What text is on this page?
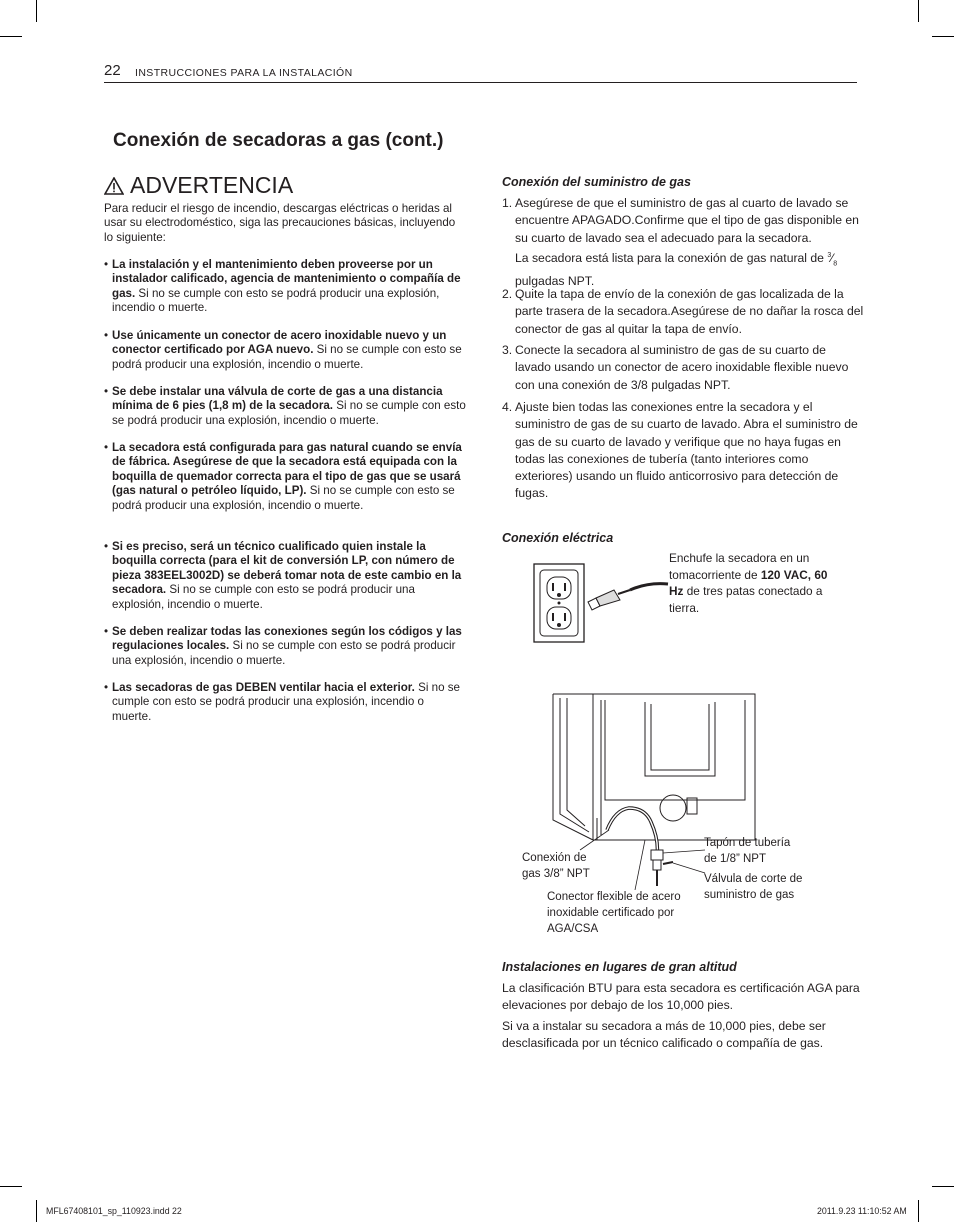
22 INSTRUCCIONES PARA LA INSTALACIÓN
Conexión de secadoras a gas (cont.)
ADVERTENCIA
Para reducir el riesgo de incendio, descargas eléctricas o heridas al usar su electrodoméstico, siga las precauciones básicas, incluyendo lo siguiente:
• La instalación y el mantenimiento deben proveerse por un instalador calificado, agencia de mantenimiento o compañía de gas. Si no se cumple con esto se podrá producir una explosión, incendio o muerte.
• Use únicamente un conector de acero inoxidable nuevo y un conector certificado por AGA nuevo. Si no se cumple con esto se podrá producir una explosión, incendio o muerte.
• Se debe instalar una válvula de corte de gas a una distancia mínima de 6 pies (1,8 m) de la secadora. Si no se cumple con esto se podrá producir una explosión, incendio o muerte.
• La secadora está configurada para gas natural cuando se envía de fábrica. Asegúrese de que la secadora está equipada con la boquilla de quemador correcta para el tipo de gas que se usará (gas natural o petróleo líquido, LP). Si no se cumple con esto se podrá producir una explosión, incendio o muerte.
• Si es preciso, será un técnico cualificado quien instale la boquilla correcta (para el kit de conversión LP, con número de pieza 383EEL3002D) se deberá tomar nota de este cambio en la secadora. Si no se cumple con esto se podrá producir una explosión, incendio o muerte.
• Se deben realizar todas las conexiones según los códigos y las regulaciones locales. Si no se cumple con esto se podrá producir una explosión, incendio o muerte.
• Las secadoras de gas DEBEN ventilar hacia el exterior. Si no se cumple con esto se podrá producir una explosión, incendio o muerte.
Conexión del suministro de gas
1. Asegúrese de que el suministro de gas al cuarto de lavado se encuentre APAGADO.Confirme que el tipo de gas disponible en su cuarto de lavado sea el adecuado para la secadora.
La secadora está lista para la conexión de gas natural de $^3⁄_8$ pulgadas NPT.
2. Quite la tapa de envío de la conexión de gas localizada de la parte trasera de la secadora.Asegúrese de no dañar la rosca del conector de gas al quitar la tapa de envío.
3. Conecte la secadora al suministro de gas de su cuarto de lavado usando un conector de acero inoxidable flexible nuevo con una conexión de 3/8 pulgadas NPT.
4. Ajuste bien todas las conexiones entre la secadora y el suministro de gas de su cuarto de lavado. Abra el suministro de gas de su cuarto de lavado y verifique que no haya fugas en todas las conexiones de tubería (tanto interiores como exteriores) usando un fluido anticorrosivo para detección de fugas.
Conexión eléctrica
Enchufe la secadora en un tomacorriente de 120 VAC, 60 Hz de tres patas conectado a tierra.
Conexión de gas 3/8” NPT
Tapón de tubería de 1/8” NPT
Válvula de corte de suministro de gas
Conector flexible de acero inoxidable certificado por AGA/CSA
Instalaciones en lugares de gran altitud
La clasificación BTU para esta secadora es certificación AGA para elevaciones por debajo de los 10,000 pies.
Si va a instalar su secadora a más de 10,000 pies, debe ser desclasificada por un técnico calificado o compañía de gas.
MFL67408101_sp_110923.indd 22	2011.9.23 11:10:52 AM
